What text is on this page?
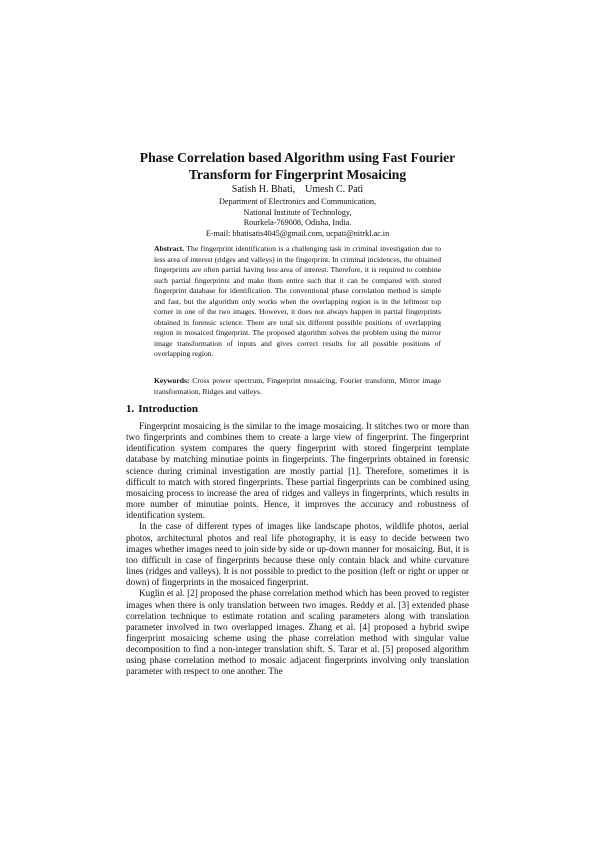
Phase Correlation based Algorithm using Fast Fourier
Transform for Fingerprint Mosaicing
Satish H. Bhati, Umesh C. Pati
Department of Electronics and Communication,
National Institute of Technology,
Rourkela-769008, Odisha, India.
E-mail: bhatisatis4045@gmail.com, ucpati@nitrkl.ac.in
Abstract. The fingerprint identification is a challenging task in criminal investigation due to less area of interest (ridges and valleys) in the fingerprint. In criminal incidences, the obtained fingerprints are often partial having less area of interest. Therefore, it is required to combine such partial fingerprints and make them entire such that it can be compared with stored fingerprint database for identification. The conventional phase correlation method is simple and fast, but the algorithm only works when the overlapping region is in the leftmost top corner in one of the two images. However, it does not always happen in partial fingerprints obtained in forensic science. There are total six different possible positions of overlapping region in mosaiced fingerprint. The proposed algorithm solves the problem using the mirror image transformation of inputs and gives correct results for all possible positions of overlapping region.
Keywords: Cross power spectrum, Fingerprint mosaicing, Fourier transform, Mirror image transformation, Ridges and valleys.
1. Introduction

Fingerprint mosaicing is the similar to the image mosaicing. It stitches two or more than two fingerprints and combines them to create a large view of fingerprint. The fingerprint identification system compares the query fingerprint with stored fingerprint template database by matching minutiae points in fingerprints. The fingerprints obtained in forensic science during criminal investigation are mostly partial [1]. Therefore, sometimes it is difficult to match with stored fingerprints. These partial fingerprints can be combined using mosaicing process to increase the area of ridges and valleys in fingerprints, which results in more number of minutiae points. Hence, it improves the accuracy and robustness of identification system.

In the case of different types of images like landscape photos, wildlife photos, aerial photos, architectural photos and real life photography, it is easy to decide between two images whether images need to join side by side or up-down manner for mosaicing. But, it is too difficult in case of fingerprints because these only contain black and white curvature lines (ridges and valleys). It is not possible to predict to the position (left or right or upper or down) of fingerprints in the mosaiced fingerprint.

Kuglin et al. [2] proposed the phase correlation method which has been proved to register images when there is only translation between two images. Reddy et al. [3] extended phase correlation technique to estimate rotation and scaling parameters along with translation parameter involved in two overlapped images. Zhang et al. [4] proposed a hybrid swipe fingerprint mosaicing scheme using the phase correlation method with singular value decomposition to find a non-integer translation shift. S. Tarar et al. [5] proposed algorithm using phase correlation method to mosaic adjacent fingerprints involving only translation parameter with respect to one another. The
